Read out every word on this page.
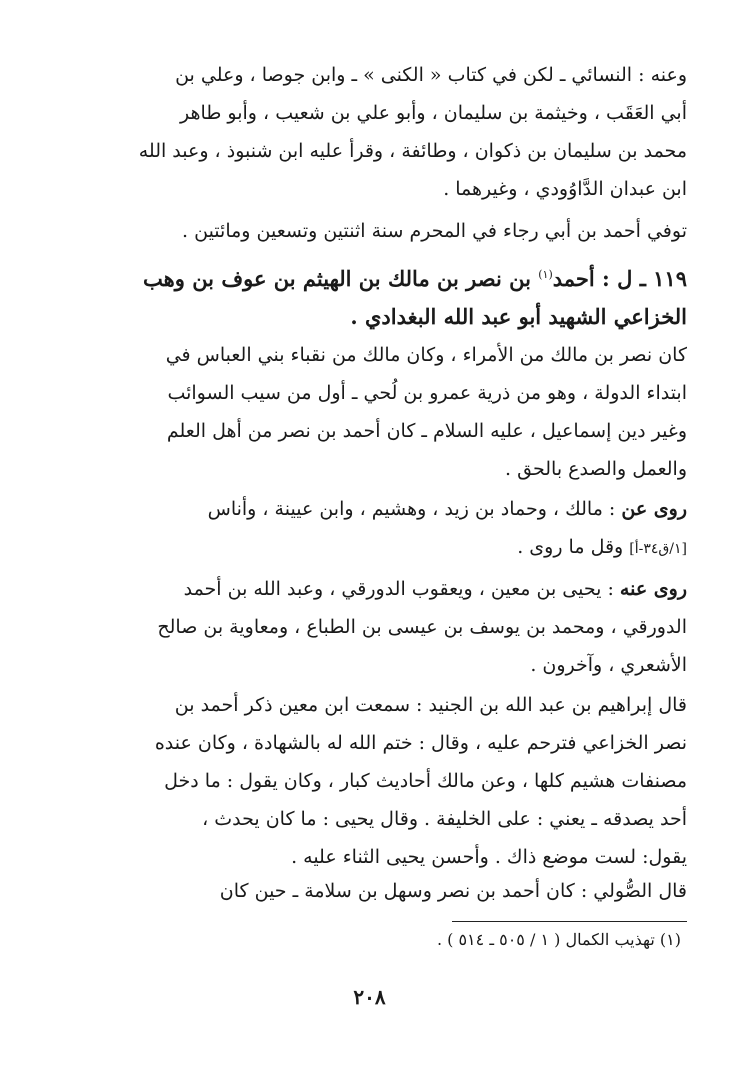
وعنه : النسائي ـ لكن في كتاب « الكنى » ـ وابن جوصا ، وعلي بن
أبي العَقَب ، وخيثمة بن سليمان ، وأبو علي بن شعيب ، وأبو طاهر
محمد بن سليمان بن ذكوان ، وطائفة ، وقرأ عليه ابن شنبوذ ، وعبد الله
ابن عبدان الدَّاوُودي ، وغيرهما .
توفي أحمد بن أبي رجاء في المحرم سنة اثنتين وتسعين ومائتين .
١١٩ ـ ل : أحمد$^{(١)}$ بن نصر بن مالك بن الهيثم بن عوف بن وهب
الخزاعي الشهيد أبو عبد الله البغدادي .
كان نصر بن مالك من الأمراء ، وكان مالك من نقباء بني العباس في
ابتداء الدولة ، وهو من ذرية عمرو بن لُحي ـ أول من سيب السوائب
وغير دين إسماعيل ، عليه السلام ـ كان أحمد بن نصر من أهل العلم
والعمل والصدع بالحق .
روى عن : مالك ، وحماد بن زيد ، وهشيم ، وابن عيينة ، وأناس
[١/ق٣٤-أ] وقل ما روى .
روى عنه : يحيى بن معين ، ويعقوب الدورقي ، وعبد الله بن أحمد
الدورقي ، ومحمد بن يوسف بن عيسى بن الطباع ، ومعاوية بن صالح
الأشعري ، وآخرون .
قال إبراهيم بن عبد الله بن الجنيد : سمعت ابن معين ذكر أحمد بن
نصر الخزاعي فترحم عليه ، وقال : ختم الله له بالشهادة ، وكان عنده
مصنفات هشيم كلها ، وعن مالك أحاديث كبار ، وكان يقول : ما دخل
أحد يصدقه ـ يعني : على الخليفة . وقال يحيى : ما كان يحدث ،
يقول: لست موضع ذاك . وأحسن يحيى الثناء عليه .
قال الصُّولي : كان أحمد بن نصر وسهل بن سلامة ـ حين كان
(١) تهذيب الكمال ( ١ / ٥٠٥ ـ ٥١٤ ) .
٢٠٨
